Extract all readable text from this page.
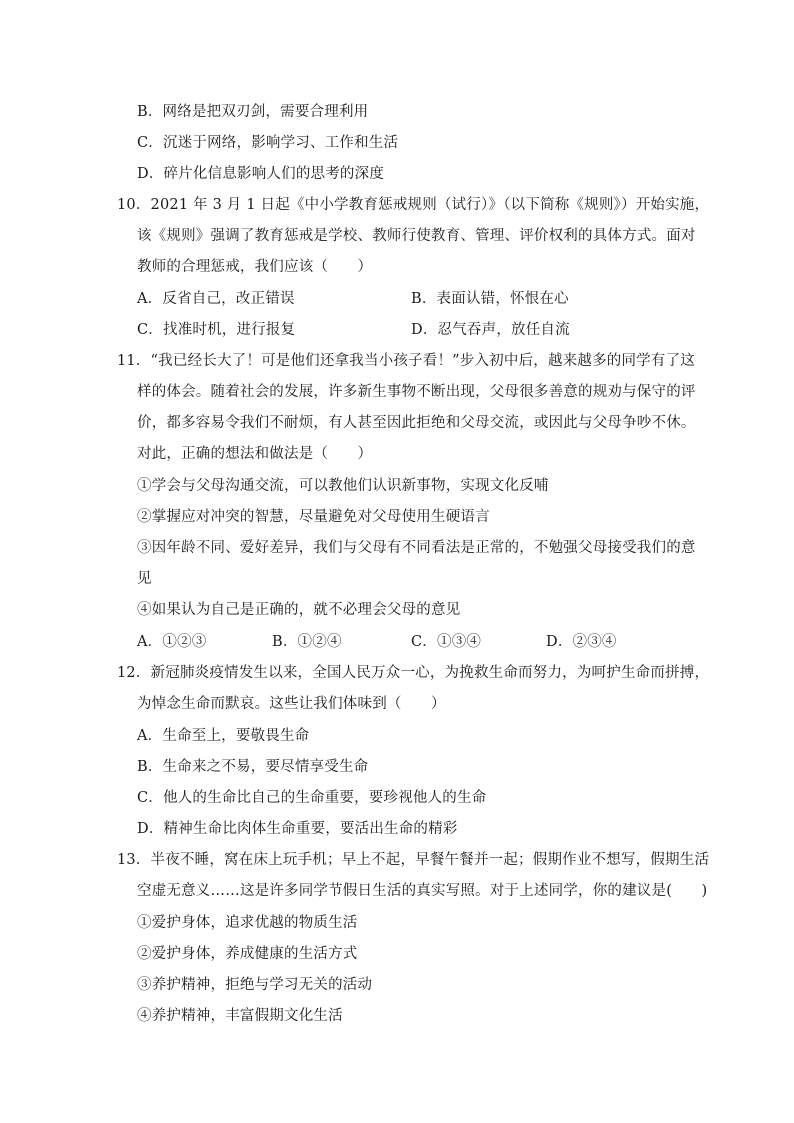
B．网络是把双刃剑，需要合理利用
C．沉迷于网络，影响学习、工作和生活
D．碎片化信息影响人们的思考的深度
10．2021 年 3 月 1 日起《中小学教育惩戒规则（试行）》（以下简称《规则》）开始实施，
该《规则》强调了教育惩戒是学校、教师行使教育、管理、评价权利的具体方式。面对
教师的合理惩戒，我们应该（　　）
A．反省自己，改正错误	B．表面认错，怀恨在心
C．找准时机，进行报复	D．忍气吞声，放任自流
11．“我已经长大了！可是他们还拿我当小孩子看！”步入初中后，越来越多的同学有了这
样的体会。随着社会的发展，许多新生事物不断出现，父母很多善意的规劝与保守的评
价，都多容易令我们不耐烦，有人甚至因此拒绝和父母交流，或因此与父母争吵不休。
对此，正确的想法和做法是（　　）
①学会与父母沟通交流，可以教他们认识新事物，实现文化反哺
②掌握应对冲突的智慧，尽量避免对父母使用生硬语言
③因年龄不同、爱好差异，我们与父母有不同看法是正常的，不勉强父母接受我们的意
见
④如果认为自己是正确的，就不必理会父母的意见
A．①②③	B．①②④	C．①③④	D．②③④
12．新冠肺炎疫情发生以来，全国人民万众一心，为挽救生命而努力，为呵护生命而拼搏，
为悼念生命而默哀。这些让我们体味到（　　）
A．生命至上，要敬畏生命
B．生命来之不易，要尽情享受生命
C．他人的生命比自己的生命重要，要珍视他人的生命
D．精神生命比肉体生命重要，要活出生命的精彩
13．半夜不睡，窝在床上玩手机；早上不起，早餐午餐并一起；假期作业不想写，假期生活
空虚无意义……这是许多同学节假日生活的真实写照。对于上述同学，你的建议是(　　)
①爱护身体，追求优越的物质生活
②爱护身体，养成健康的生活方式
③养护精神，拒绝与学习无关的活动
④养护精神，丰富假期文化生活
